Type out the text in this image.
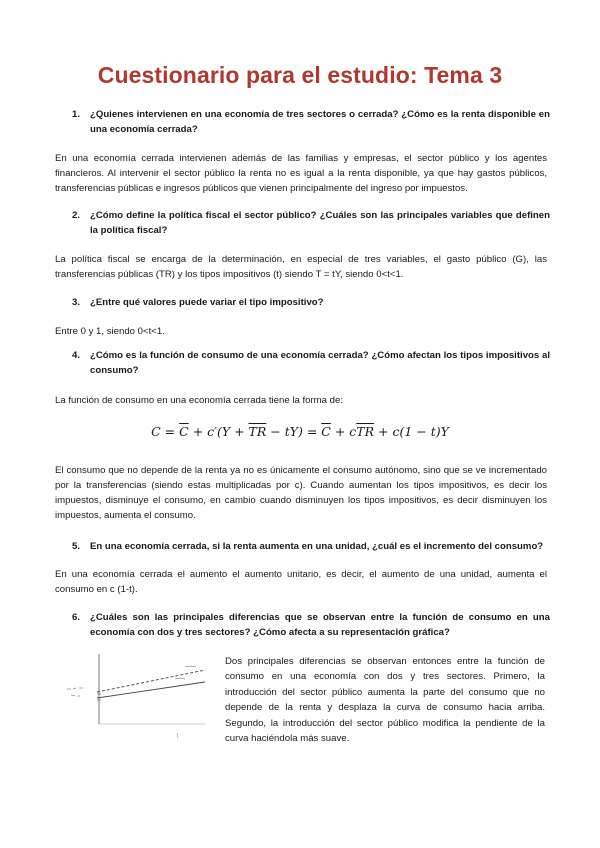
Cuestionario para el estudio: Tema 3
1. ¿Quienes intervienen en una economía de tres sectores o cerrada? ¿Cómo es la renta disponible en una economía cerrada?
En una economía cerrada intervienen además de las familias y empresas, el sector público y los agentes financieros. Al intervenir el sector público la renta no es igual a la renta disponible, ya que hay gastos públicos, transferencias públicas e ingresos públicos que vienen principalmente del ingreso por impuestos.
2. ¿Cómo define la política fiscal el sector público? ¿Cuáles son las principales variables que definen la política fiscal?
La política fiscal se encarga de la determinación, en especial de tres variables, el gasto público (G), las transferencias públicas (TR) y los tipos impositivos (t) siendo T = tY, siendo 0<t<1.
3. ¿Entre qué valores puede variar el tipo impositivo?
Entre 0 y 1, siendo 0<t<1.
4. ¿Cómo es la función de consumo de una economía cerrada? ¿Cómo afectan los tipos impositivos al consumo?
La función de consumo en una economía cerrada tiene la forma de:
$C = \overline{C} + c'(Y + \overline{TR} - tY) = \overline{C} + c\overline{TR} + c(1 - t)Y$
El consumo que no depende de la renta ya no es únicamente el consumo autónomo, sino que se ve incrementado por la transferencias (siendo estas multiplicadas por c). Cuando aumentan los tipos impositivos, es decir los impuestos, disminuye el consumo, en cambio cuando disminuyen los tipos impositivos, es decir disminuyen los impuestos, aumenta el consumo.
5. En una economía cerrada, si la renta aumenta en una unidad, ¿cuál es el incremento del consumo?
En una economía cerrada el aumento el aumento unitario, es decir, el aumento de una unidad, aumenta el consumo en c (1-t).
6. ¿Cuáles son las principales diferencias que se observan entre la función de consumo en una economía con dos y tres sectores? ¿Cómo afecta a su representación gráfica?
Dos principales diferencias se observan entonces entre la función de consumo en una economía con dos y tres sectores. Primero, la introducción del sector público aumenta la parte del consumo que no depende de la renta y desplaza la curva de consumo hacia arriba. Segundo, la introducción del sector público modifica la pendiente de la curva haciéndola más suave.
